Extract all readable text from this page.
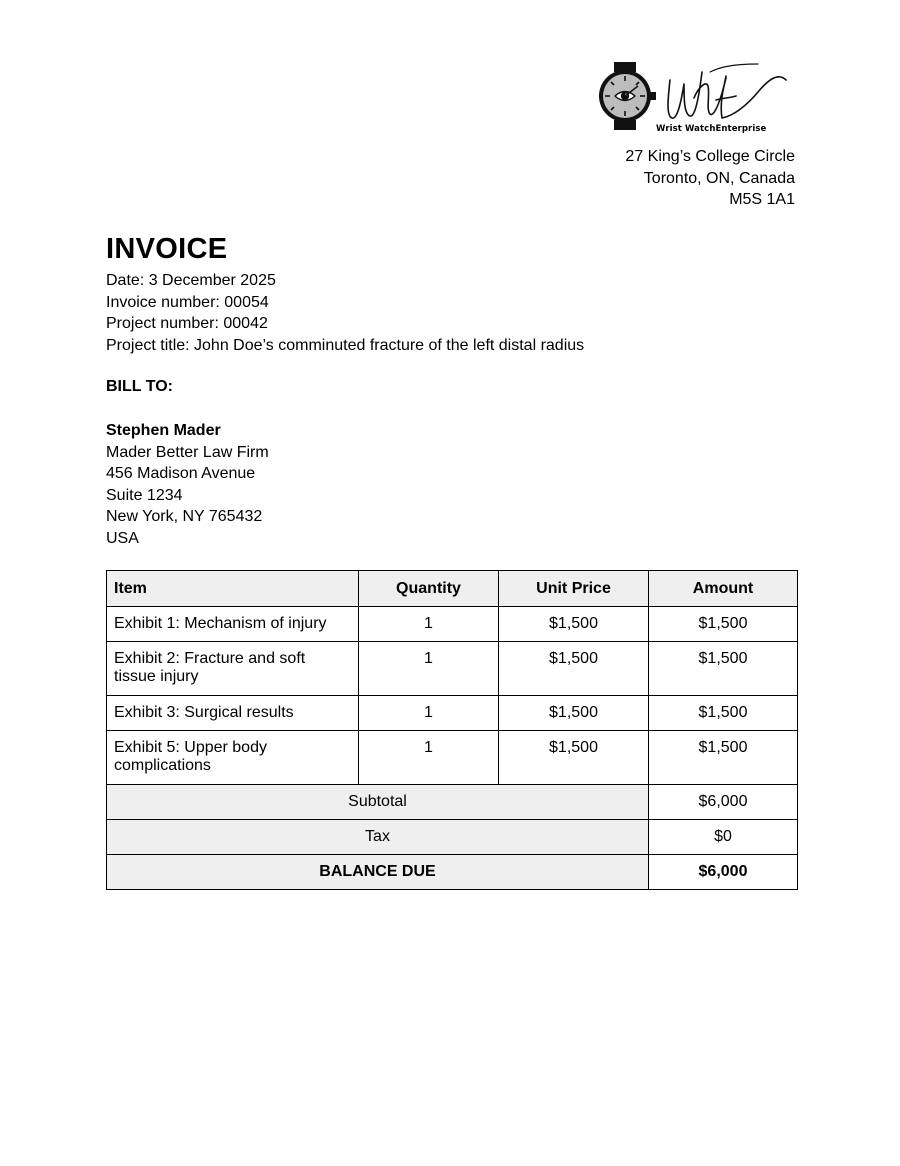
Wrist WatchEnterprise
27 King’s College Circle
Toronto, ON, Canada
M5S 1A1
INVOICE
Date: 3 December 2025
Invoice number: 00054
Project number: 00042
Project title: John Doe’s comminuted fracture of the left distal radius
BILL TO:
Stephen Mader
Mader Better Law Firm
456 Madison Avenue
Suite 1234
New York, NY 765432
USA
Item	Quantity	Unit Price	Amount
Exhibit 1: Mechanism of injury	1	$1,500	$1,500
Exhibit 2: Fracture and soft tissue injury	1	$1,500	$1,500
Exhibit 3: Surgical results	1	$1,500	$1,500
Exhibit 5: Upper body complications	1	$1,500	$1,500
Subtotal			$6,000
Tax			$0
BALANCE DUE			$6,000
